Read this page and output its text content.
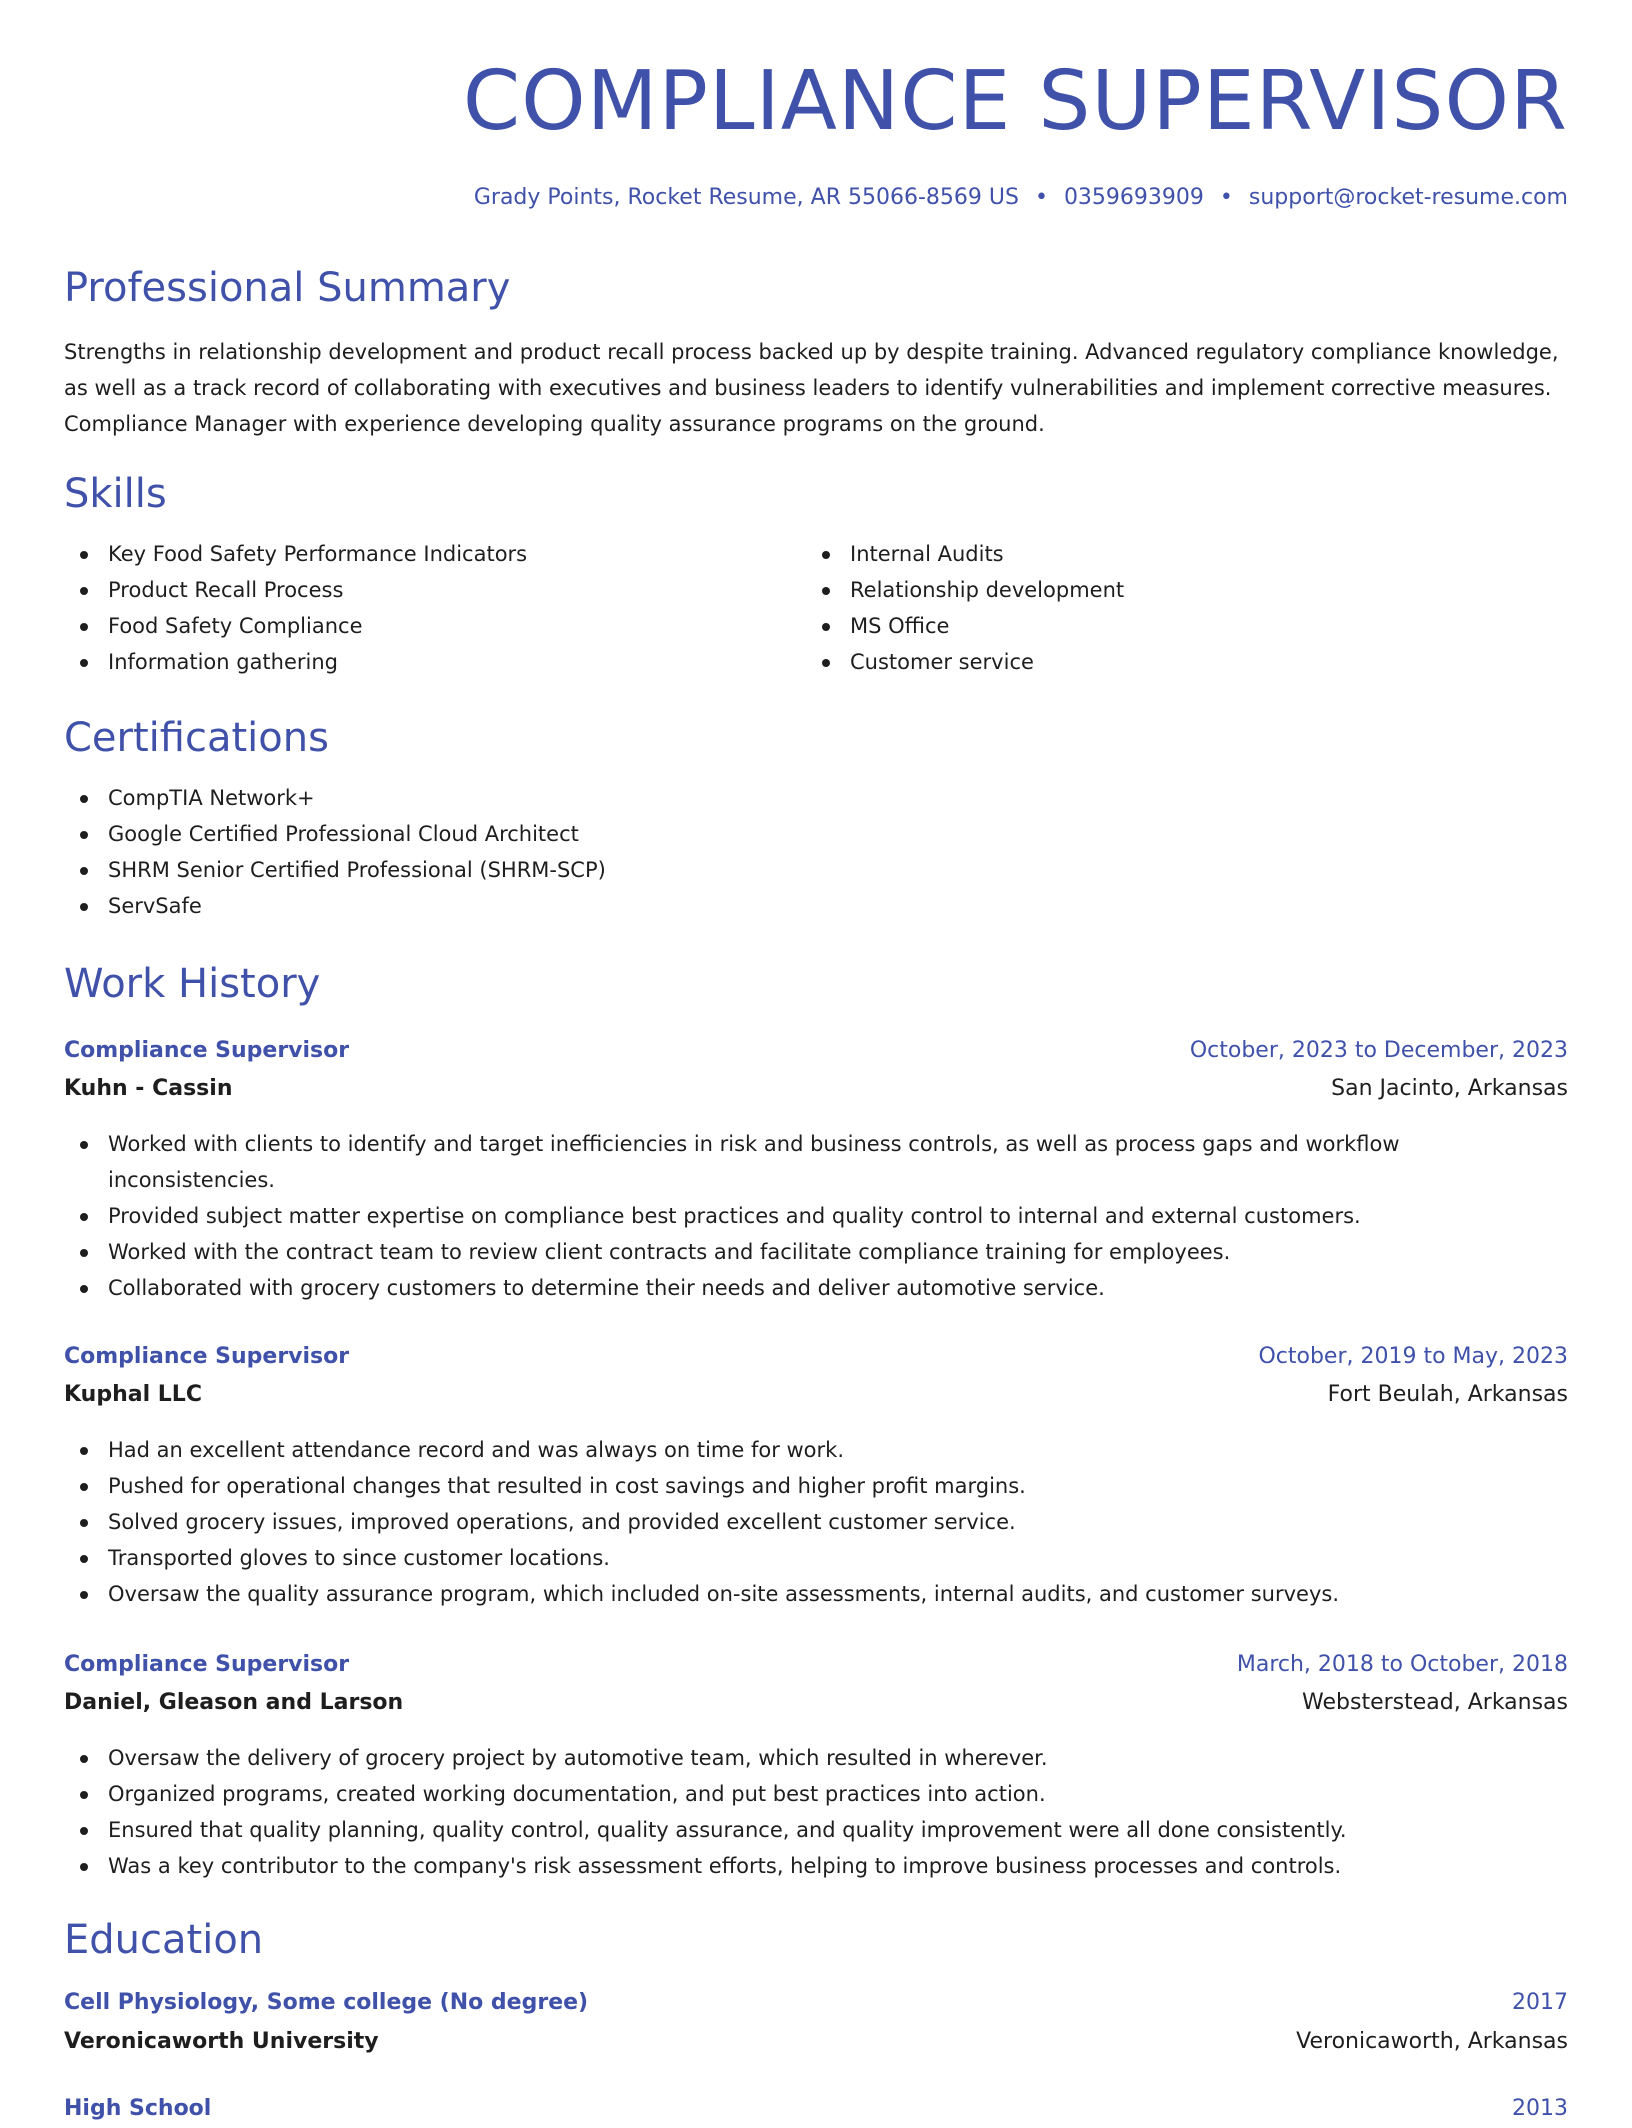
COMPLIANCE SUPERVISOR
Grady Points, Rocket Resume, AR 55066-8569 US • 0359693909 • support@rocket-resume.com
Professional Summary

Strengths in relationship development and product recall process backed up by despite training. Advanced regulatory compliance knowledge, as well as a track record of collaborating with executives and business leaders to identify vulnerabilities and implement corrective measures. Compliance Manager with experience developing quality assurance programs on the ground.

Skills
Key Food Safety Performance Indicators
Product Recall Process
Food Safety Compliance
Information gathering
Internal Audits
Relationship development
MS Office
Customer service
Certifications
CompTIA Network+
Google Certified Professional Cloud Architect
SHRM Senior Certified Professional (SHRM-SCP)
ServSafe
Work History
Compliance Supervisor	October, 2023 to December, 2023
Kuhn - Cassin	San Jacinto, Arkansas
Worked with clients to identify and target inefficiencies in risk and business controls, as well as process gaps and workflow inconsistencies.
Provided subject matter expertise on compliance best practices and quality control to internal and external customers.
Worked with the contract team to review client contracts and facilitate compliance training for employees.
Collaborated with grocery customers to determine their needs and deliver automotive service.
Compliance Supervisor	October, 2019 to May, 2023
Kuphal LLC	Fort Beulah, Arkansas
Had an excellent attendance record and was always on time for work.
Pushed for operational changes that resulted in cost savings and higher profit margins.
Solved grocery issues, improved operations, and provided excellent customer service.
Transported gloves to since customer locations.
Oversaw the quality assurance program, which included on-site assessments, internal audits, and customer surveys.
Compliance Supervisor	March, 2018 to October, 2018
Daniel, Gleason and Larson	Websterstead, Arkansas
Oversaw the delivery of grocery project by automotive team, which resulted in wherever.
Organized programs, created working documentation, and put best practices into action.
Ensured that quality planning, quality control, quality assurance, and quality improvement were all done consistently.
Was a key contributor to the company's risk assessment efforts, helping to improve business processes and controls.
Education
Cell Physiology, Some college (No degree)	2017
Veronicaworth University	Veronicaworth, Arkansas
High School	2013
